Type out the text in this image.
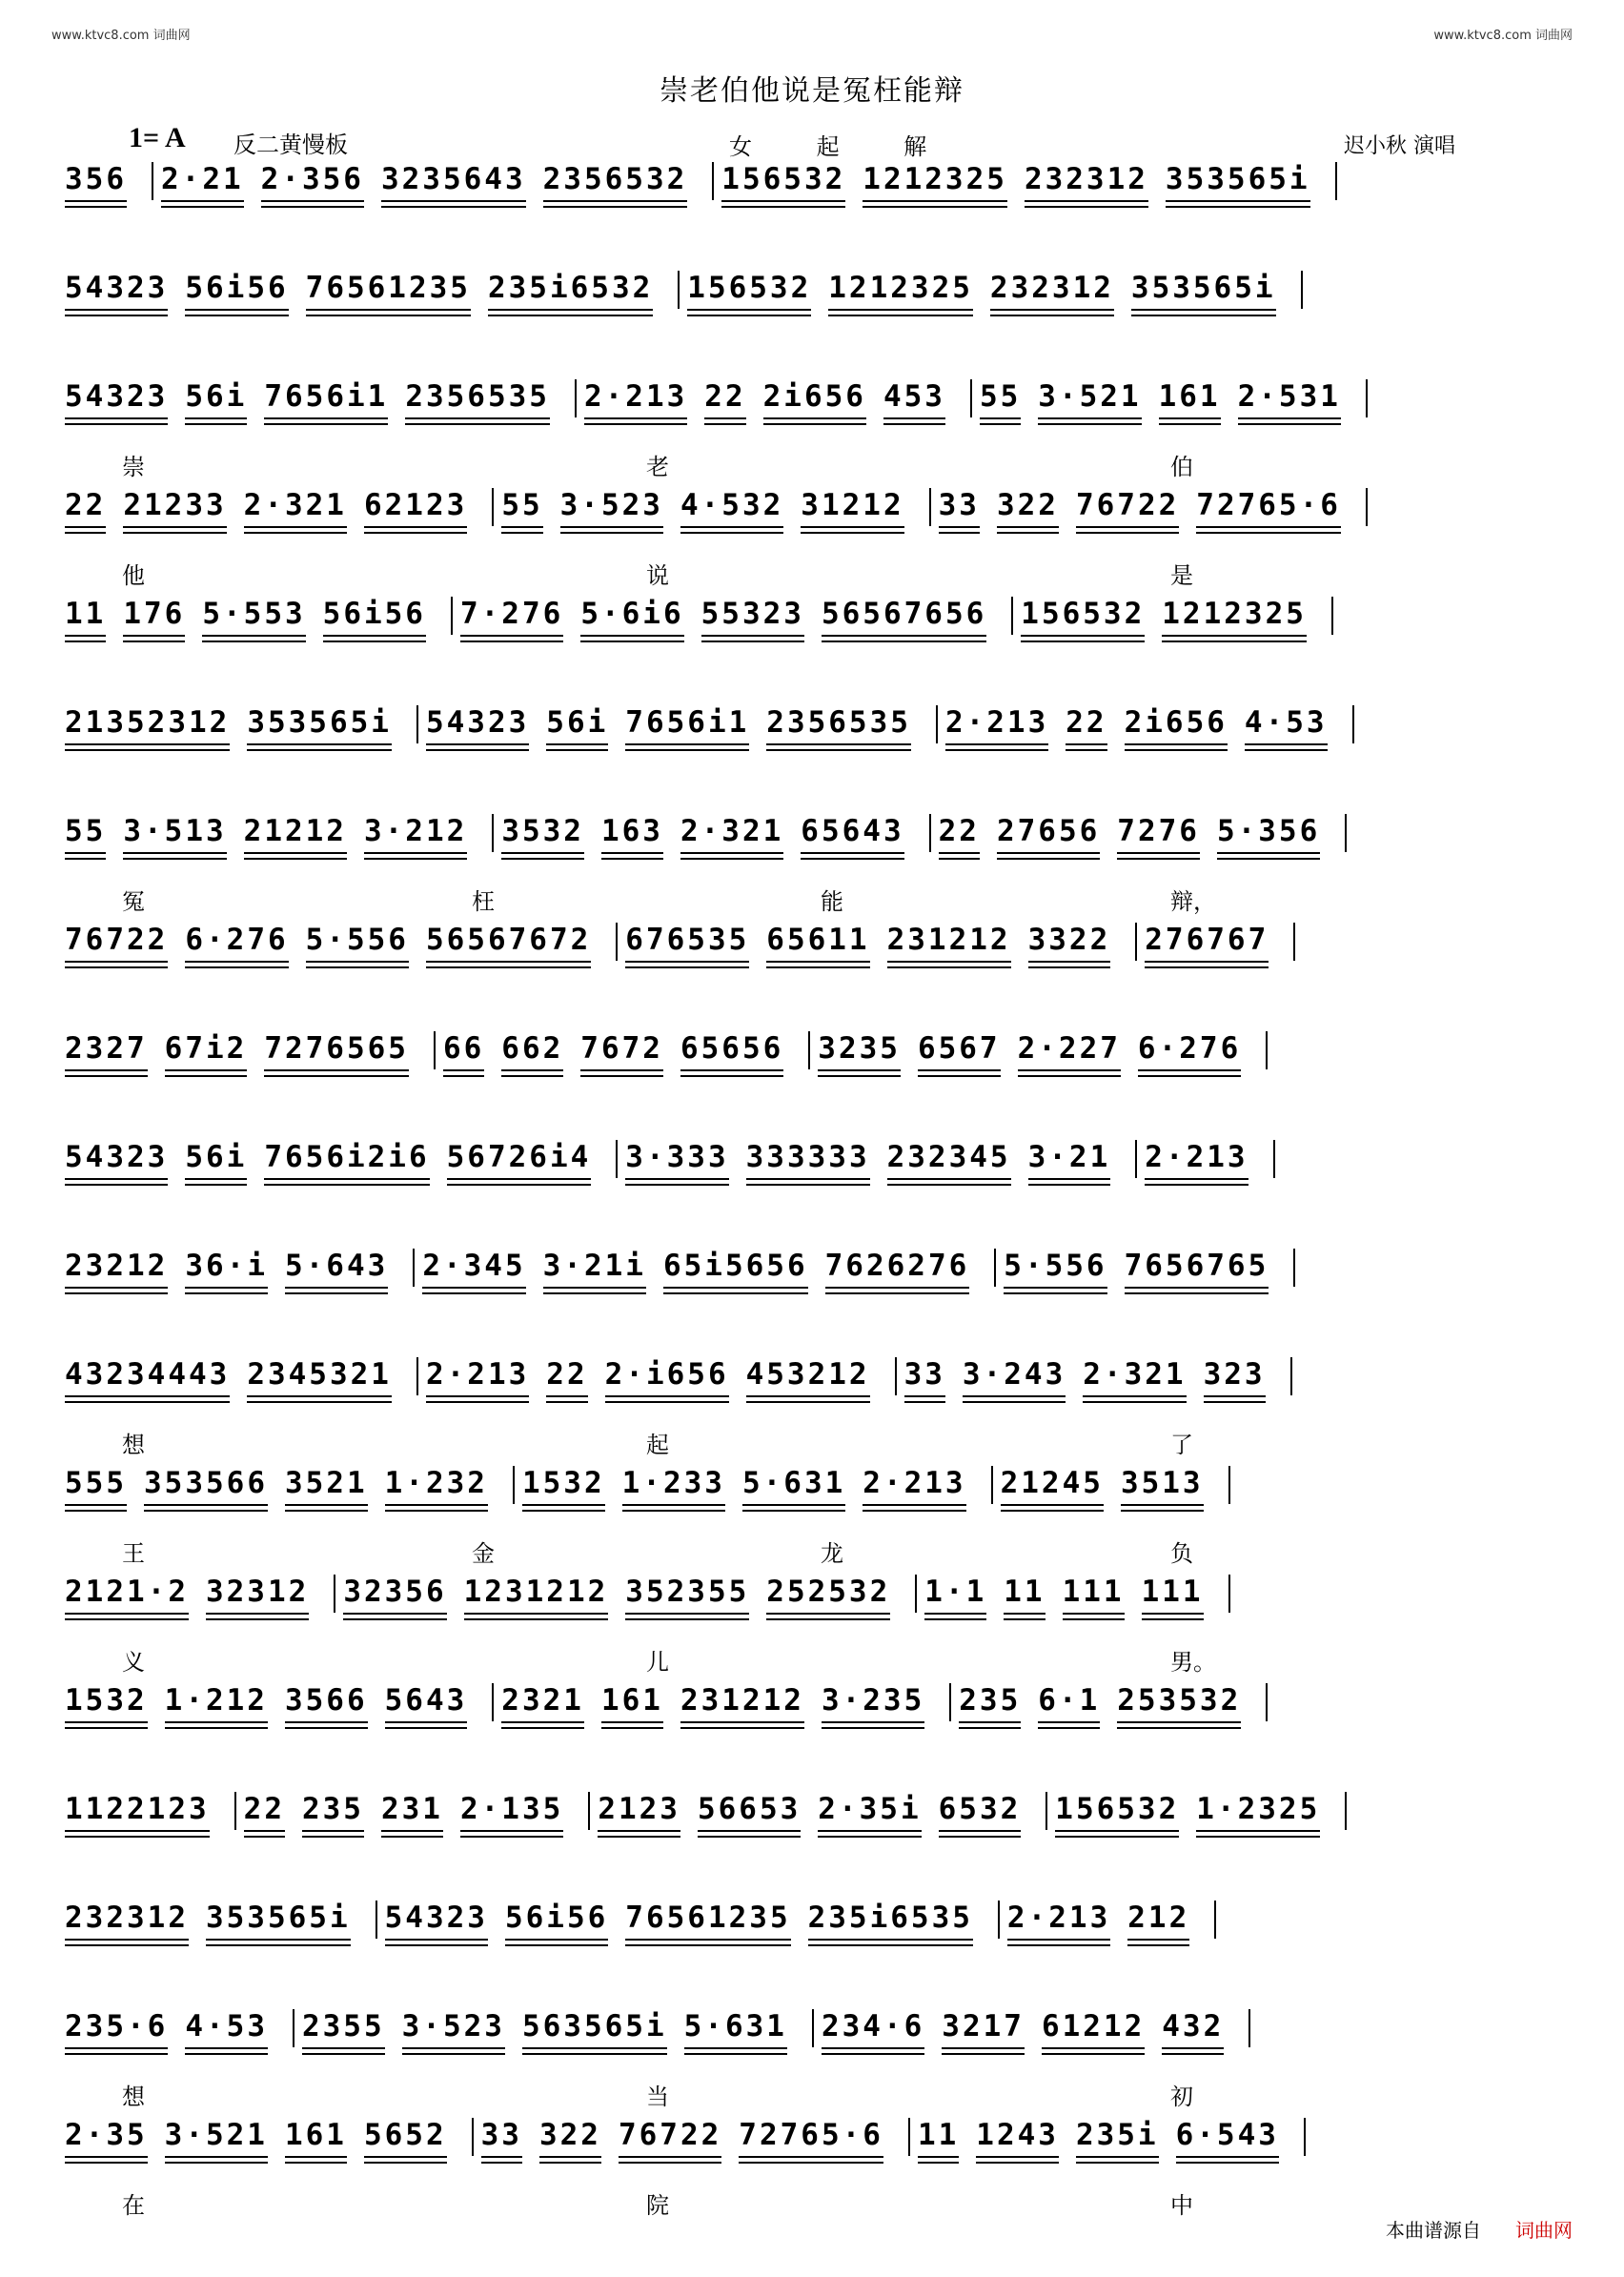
www.ktvc8.com 词曲网	www.ktvc8.com 词曲网
崇老伯他说是冤枉能辩
1= A 反二黄慢板	女 起 解	迟小秋 演唱
356 2·21 2·356 3235643 2356532 156532 1212325 232312 353565i
54323 56i56 76561235 235i6532 156532 1212325 232312 353565i
54323 56i 7656i1 2356535 2·213 22 2i656 453 55 3·521 161 2·531
崇	老	伯
22 21233 2·321 62123 55 3·523 4·532 31212 33 322 76722 72765·6
他	说	是
11 176 5·553 56i56 7·276 5·6i6 55323 56567656 156532 1212325
21352312 353565i 54323 56i 7656i1 2356535 2·213 22 2i656 4·53
55 3·513 21212 3·212 3532 163 2·321 65643 22 27656 7276 5·356
冤	枉	能	辩，
76722 6·276 5·556 56567672 676535 65611 231212 3322 276767
2327 67i2 7276565 66 662 7672 65656 3235 6567 2·227 6·276
54323 56i 7656i2i6 56726i4 3·333 333333 232345 3·21 2·213
23212 36·i 5·643 2·345 3·21i 65i5656 7626276 5·556 7656765
43234443 2345321 2·213 22 2·i656 453212 33 3·243 2·321 323
想	起	了
555 353566 3521 1·232 1532 1·233 5·631 2·213 21245 3513
王	金	龙	负
2121·2 32312 32356 1231212 352355 252532 1·1 11 111 111
义	儿	男。
1532 1·212 3566 5643 2321 161 231212 3·235 235 6·1 253532
1122123 22 235 231 2·135 2123 56653 2·35i 6532 156532 1·2325
232312 353565i 54323 56i56 76561235 235i6535 2·213 212
235·6 4·53 2355 3·523 563565i 5·631 234·6 3217 61212 432
想	当	初
2·35 3·521 161 5652 33 322 76722 72765·6 11 1243 235i 6·543
在	院	中
本曲谱源自 词曲网
